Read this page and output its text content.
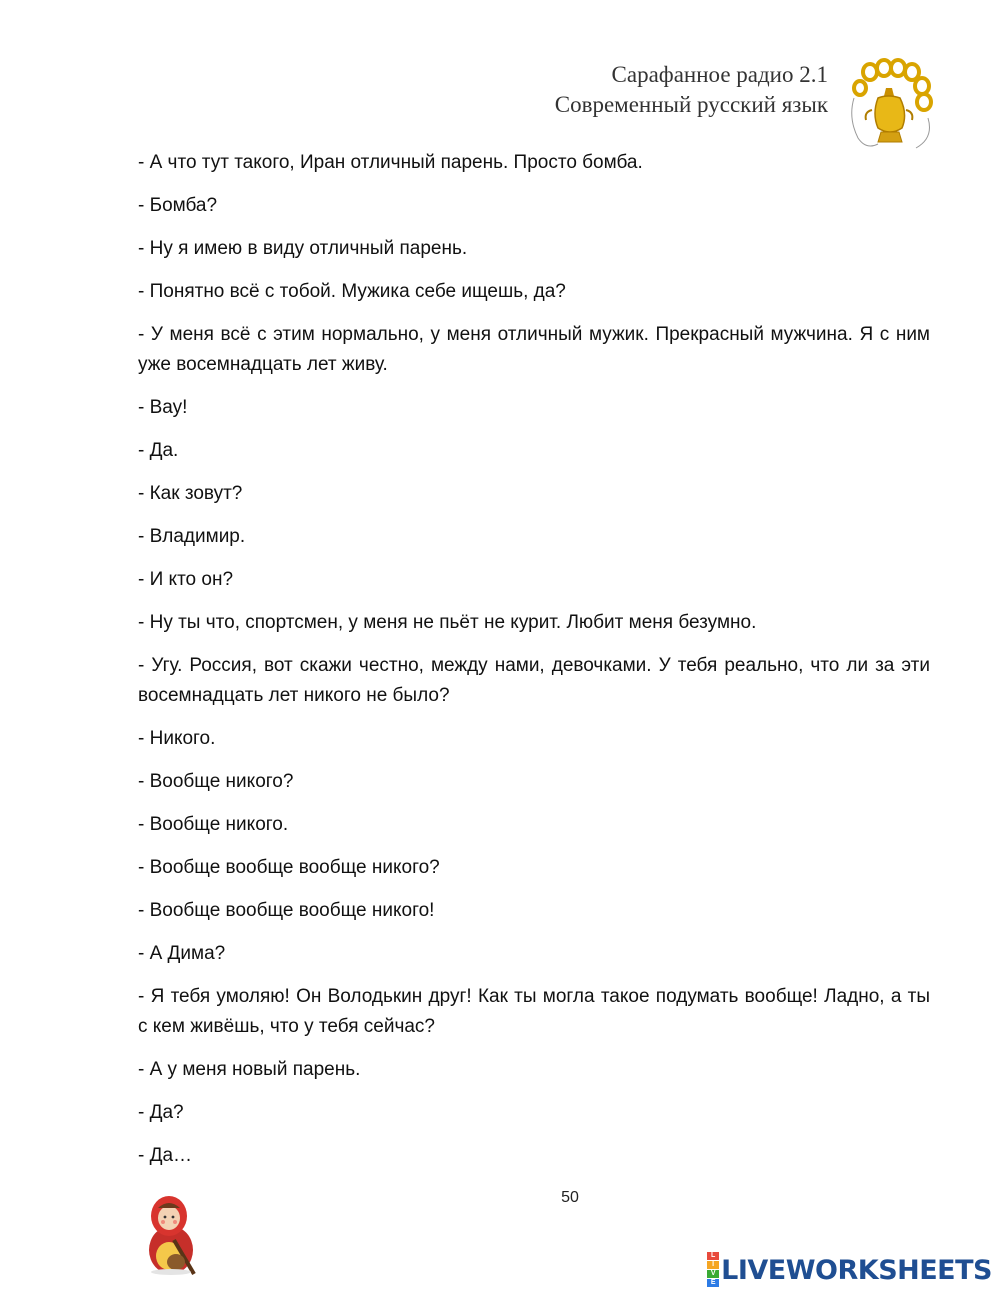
Сарафанное радио 2.1
Современный русский язык

- А что тут такого, Иран отличный парень. Просто бомба.

- Бомба?

- Ну я имею в виду отличный парень.

- Понятно всё с тобой. Мужика себе ищешь, да?

- У меня всё с этим нормально, у меня отличный мужик. Прекрасный мужчина. Я с ним уже восемнадцать лет живу.

- Вау!

- Да.

- Как зовут?

- Владимир.

- И кто он?

- Ну ты что, спортсмен, у меня не пьёт не курит. Любит меня безумно.

- Угу. Россия, вот скажи честно, между нами, девочками. У тебя реально, что ли за эти восемнадцать лет никого не было?

- Никого.

- Вообще никого?

- Вообще никого.

- Вообще вообще вообще никого?

- Вообще вообще вообще никого!

- А Дима?

- Я тебя умоляю! Он Володькин друг! Как ты могла такое подумать вообще! Ладно, а ты с кем живёшь, что у тебя сейчас?

- А у меня новый парень.

- Да?

- Да…

50
L
I
V
E LIVEWORKSHEETS
